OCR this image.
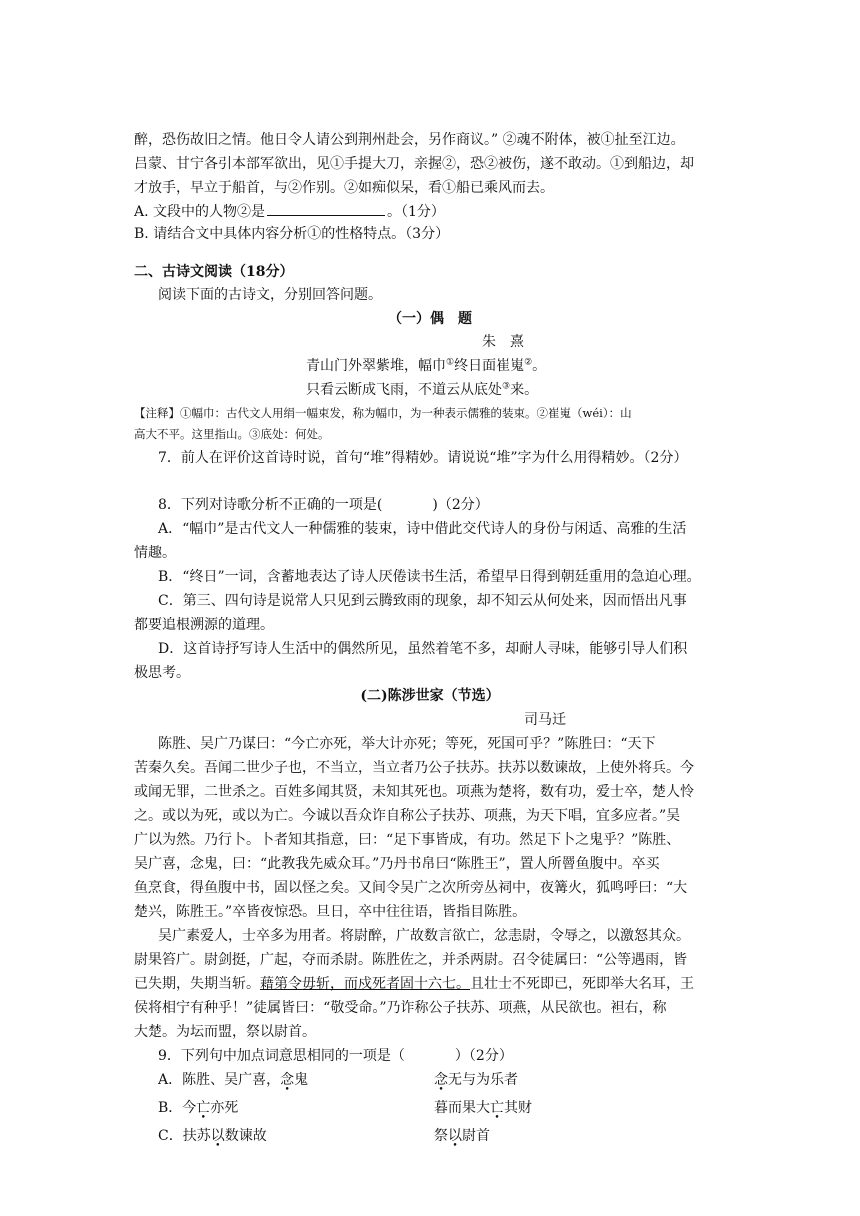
醉，恐伤故旧之情。他日令人请公到荆州赴会，另作商议。” ②魂不附体，被①扯至江边。
吕蒙、甘宁各引本部军欲出，见①手提大刀，亲握②，恐②被伤，遂不敢动。①到船边，却
才放手，早立于船首，与②作别。②如痴似呆，看①船已乘风而去。
A. 文段中的人物②是	。（1分）
B. 请结合文中具体内容分析①的性格特点。（3分）
二、古诗文阅读（18分）
阅读下面的古诗文，分别回答问题。
（一）偶　题
朱　熹
青山门外翠紫堆，幅巾①终日面崔嵬②。
只看云断成飞雨，不道云从底处③来。
【注释】①幅巾：古代文人用绢一幅束发，称为幅巾，为一种表示儒雅的装束。②崔嵬（wéi）：山
高大不平。这里指山。③底处：何处。
7．前人在评价这首诗时说，首句“堆”得精妙。请说说“堆”字为什么用得精妙。（2分）
8．下列对诗歌分析不正确的一项是(	)（2分）
A．“幅巾”是古代文人一种儒雅的装束，诗中借此交代诗人的身份与闲适、高雅的生活
情趣。
B．“终日”一词，含蓄地表达了诗人厌倦读书生活，希望早日得到朝廷重用的急迫心理。
C．第三、四句诗是说常人只见到云腾致雨的现象，却不知云从何处来，因而悟出凡事
都要追根溯源的道理。
D．这首诗抒写诗人生活中的偶然所见，虽然着笔不多，却耐人寻味，能够引导人们积
极思考。
(二)陈涉世家（节选）
司马迁
陈胜、吴广乃谋曰：“今亡亦死，举大计亦死；等死，死国可乎？”陈胜曰：“天下
苦秦久矣。吾闻二世少子也，不当立，当立者乃公子扶苏。扶苏以数谏故，上使外将兵。今
或闻无罪，二世杀之。百姓多闻其贤，未知其死也。项燕为楚将，数有功，爱士卒，楚人怜
之。或以为死，或以为亡。今诚以吾众诈自称公子扶苏、项燕，为天下唱，宜多应者。”吴
广以为然。乃行卜。卜者知其指意，曰：“足下事皆成，有功。然足下卜之鬼乎？”陈胜、
吴广喜，念鬼，曰：“此教我先威众耳。”乃丹书帛曰“陈胜王”，置人所罾鱼腹中。卒买
鱼烹食，得鱼腹中书，固以怪之矣。又间令吴广之次所旁丛祠中，夜篝火，狐鸣呼曰：“大
楚兴，陈胜王。”卒皆夜惊恐。旦日，卒中往往语，皆指目陈胜。
吴广素爱人，士卒多为用者。将尉醉，广故数言欲亡，忿恚尉，令辱之，以激怒其众。
尉果笞广。尉剑挺，广起，夺而杀尉。陈胜佐之，并杀两尉。召令徒属曰：“公等遇雨，皆
已失期，失期当斩。藉第令毋斩，而戍死者固十六七。且壮士不死即已，死即举大名耳，王
侯将相宁有种乎！”徒属皆曰：“敬受命。”乃诈称公子扶苏、项燕，从民欲也。袒右，称
大楚。为坛而盟，祭以尉首。
9．下列句中加点词意思相同的一项是（	）（2分）
A．陈胜、吴广喜，念鬼	念无与为乐者
B．今亡亦死	暮而果大亡其财
C．扶苏以数谏故	祭以尉首
